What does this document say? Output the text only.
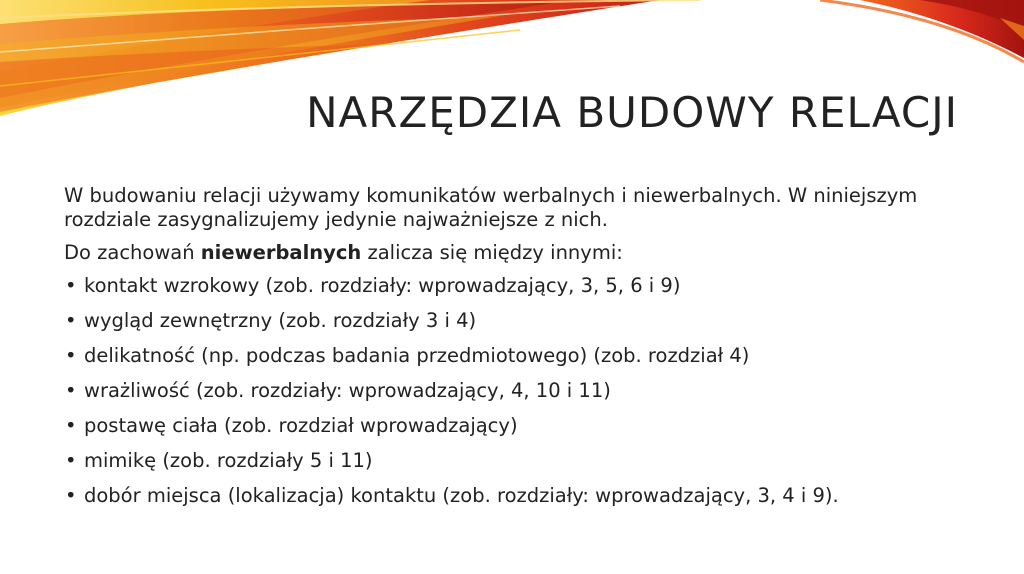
NARZĘDZIA BUDOWY RELACJI

W budowaniu relacji używamy komunikatów werbalnych i niewerbalnych. W niniejszym rozdziale zasygnalizujemy jedynie najważniejsze z nich.

Do zachowań niewerbalnych zalicza się między innymi:

• kontakt wzrokowy (zob. rozdziały: wprowadzający, 3, 5, 6 i 9)
• wygląd zewnętrzny (zob. rozdziały 3 i 4)
• delikatność (np. podczas badania przedmiotowego) (zob. rozdział 4)
• wrażliwość (zob. rozdziały: wprowadzający, 4, 10 i 11)
• postawę ciała (zob. rozdział wprowadzający)
• mimikę (zob. rozdziały 5 i 11)
• dobór miejsca (lokalizacja) kontaktu (zob. rozdziały: wprowadzający, 3, 4 i 9).
